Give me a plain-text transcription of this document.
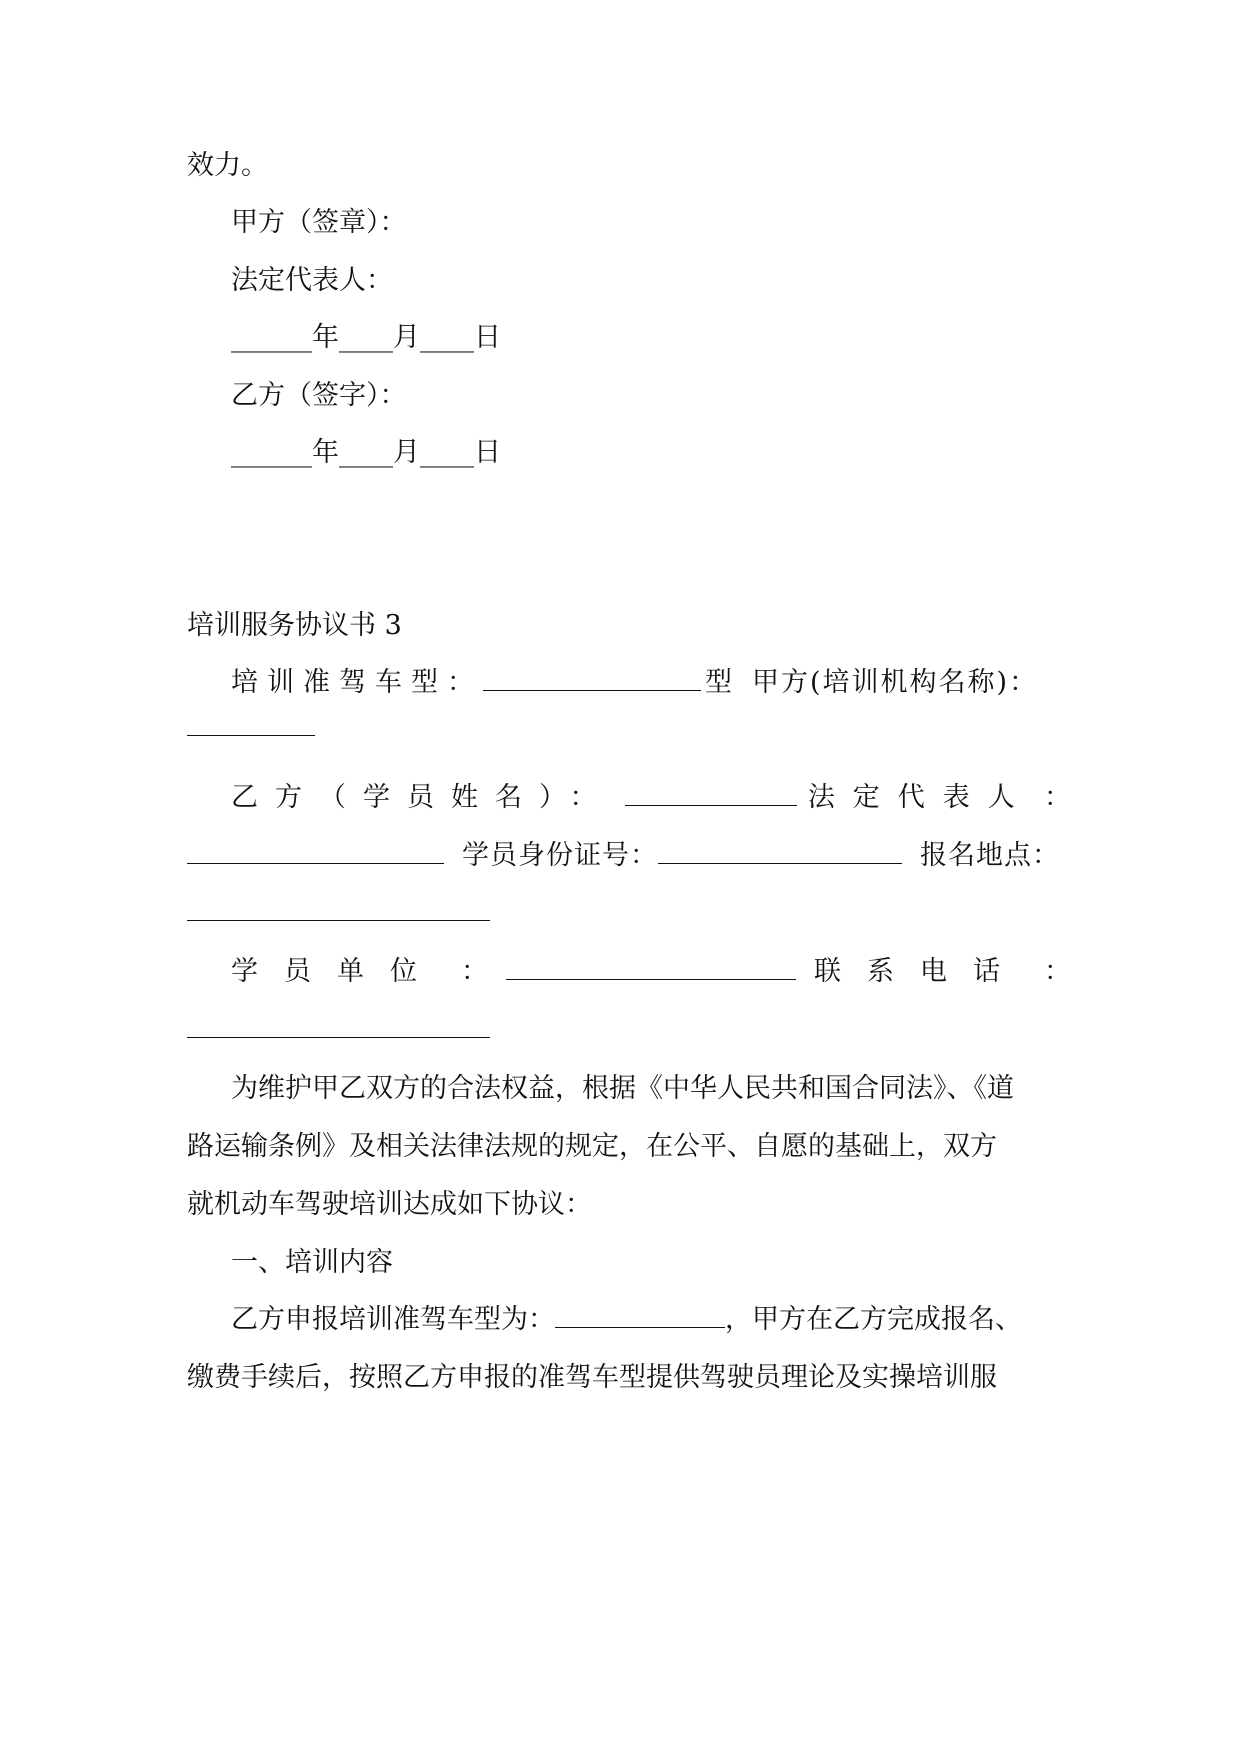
效力。
甲方（签章）：
法定代表人：
______年____月____日
乙方（签字）：
______年____月____日
培训服务协议书 3
培训准驾车型：	型 甲方(培训机构名称)：
乙方（学员姓名）：	法定代表人 ：
学员身份证号：	报名地点：
学员单位 ：	联系电话 ：
为维护甲乙双方的合法权益，根据《中华人民共和国合同法》、《道
路运输条例》及相关法律法规的规定，在公平、自愿的基础上，双方
就机动车驾驶培训达成如下协议：
一、培训内容
乙方申报培训准驾车型为：	，甲方在乙方完成报名、
缴费手续后，按照乙方申报的准驾车型提供驾驶员理论及实操培训服
